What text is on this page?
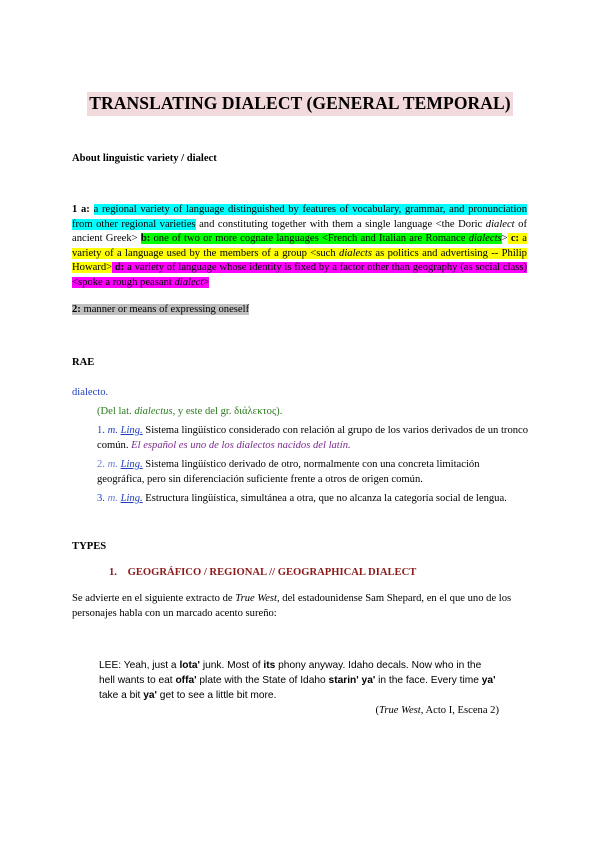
TRANSLATING DIALECT (GENERAL TEMPORAL)
About linguistic variety / dialect
1 a: a regional variety of language distinguished by features of vocabulary, grammar, and pronunciation from other regional varieties and constituting together with them a single language <the Doric dialect of ancient Greek> b: one of two or more cognate languages <French and Italian are Romance dialects> c: a variety of a language used by the members of a group <such dialects as politics and advertising -- Philip Howard> d: a variety of language whose identity is fixed by a factor other than geography (as social class) <spoke a rough peasant dialect>
2: manner or means of expressing oneself
RAE
dialecto.
(Del lat. dialectus, y este del gr. διάλεκτος).
1. m. Ling. Sistema lingüístico considerado con relación al grupo de los varios derivados de un tronco común. El español es uno de los dialectos nacidos del latín.
2. m. Ling. Sistema lingüístico derivado de otro, normalmente con una concreta limitación geográfica, pero sin diferenciación suficiente frente a otros de origen común.
3. m. Ling. Estructura lingüística, simultánea a otra, que no alcanza la categoría social de lengua.
TYPES
1. GEOGRÁFICO / REGIONAL // GEOGRAPHICAL DIALECT
Se advierte en el siguiente extracto de True West, del estadounidense Sam Shepard, en el que uno de los personajes habla con un marcado acento sureño:
LEE: Yeah, just a lota' junk. Most of its phony anyway. Idaho decals. Now who in the hell wants to eat offa' plate with the State of Idaho starin' ya' in the face. Every time ya' take a bit ya' get to see a little bit more.
(True West, Acto I, Escena 2)
